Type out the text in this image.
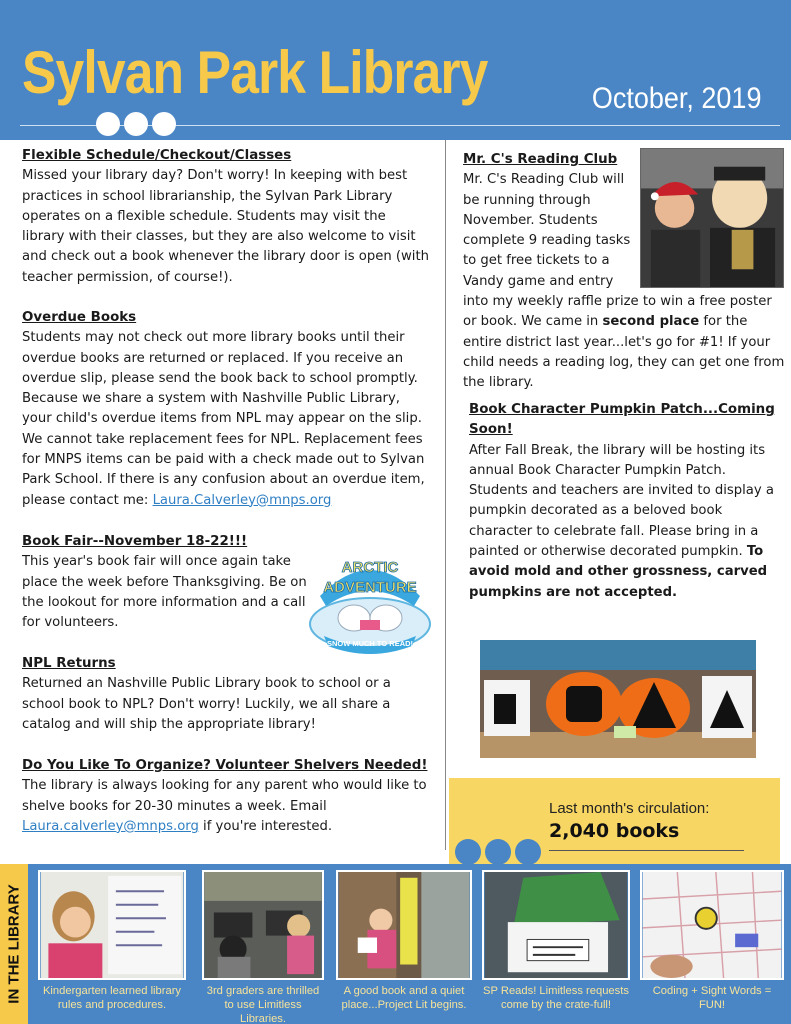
Sylvan Park Library	October, 2019
Flexible Schedule/Checkout/Classes
Missed your library day? Don't worry! In keeping with best practices in school librarianship, the Sylvan Park Library operates on a flexible schedule. Students may visit the library with their classes, but they are also welcome to visit and check out a book whenever the library door is open (with teacher permission, of course!).
Overdue Books
Students may not check out more library books until their overdue books are returned or replaced. If you receive an overdue slip, please send the book back to school promptly. Because we share a system with Nashville Public Library, your child's overdue items from NPL may appear on the slip. We cannot take replacement fees for NPL. Replacement fees for MNPS items can be paid with a check made out to Sylvan Park School. If there is any confusion about an overdue item, please contact me: Laura.Calverley@mnps.org
Book Fair--November 18-22!!!
This year's book fair will once again take place the week before Thanksgiving. Be on the lookout for more information and a call for volunteers.
NPL Returns
Returned an Nashville Public Library book to school or a school book to NPL? Don't worry! Luckily, we all share a catalog and will ship the appropriate library!
Do You Like To Organize? Volunteer Shelvers Needed!
The library is always looking for any parent who would like to shelve books for 20-30 minutes a week. Email Laura.calverley@mnps.org if you're interested.
ARCTIC
ADVENTURE
SNOW MUCH TO READ!
Mr. C's Reading Club
Mr. C's Reading Club will
be running through
November. Students
complete 9 reading tasks
to get free tickets to a
Vandy game and entry
into my weekly raffle prize to win a free poster or book. We came in second place for the entire district last year...let's go for #1! If your child needs a reading log, they can get one from the library.
Book Character Pumpkin Patch...Coming Soon!
After Fall Break, the library will be hosting its annual Book Character Pumpkin Patch. Students and teachers are invited to display a pumpkin decorated as a beloved book character to celebrate fall. Please bring in a painted or otherwise decorated pumpkin. To avoid mold and other grossness, carved pumpkins are not accepted.
Last month's circulation:
2,040 books
IN THE LIBRARY	Kindergarten learned library rules and procedures.
3rd graders are thrilled to use Limitless Libraries.
A good book and a quiet place...Project Lit begins.
SP Reads! Limitless requests come by the crate-full!
Coding + Sight Words = FUN!
